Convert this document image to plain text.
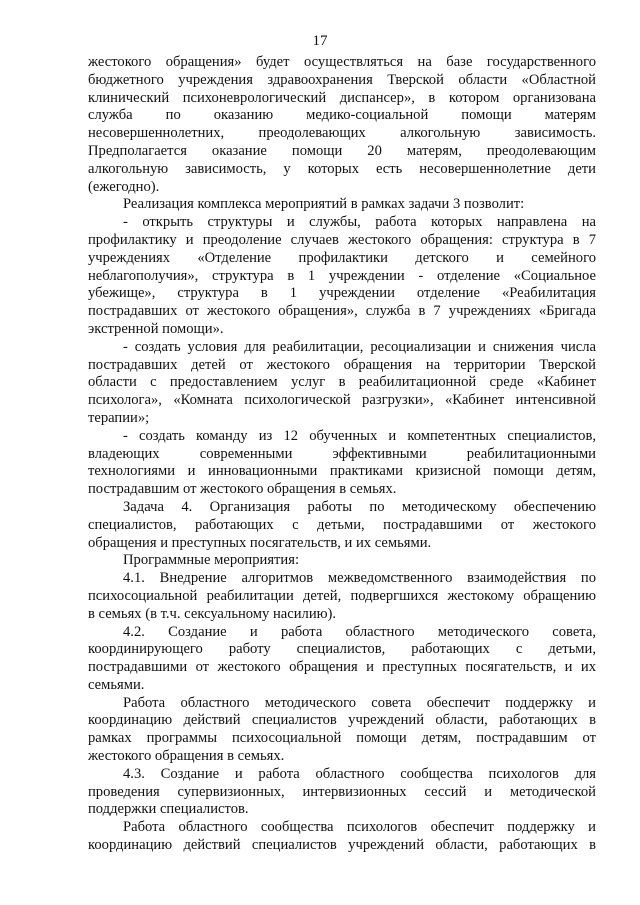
17
жестокого обращения» будет осуществляться на базе государственного
бюджетного учреждения здравоохранения Тверской области «Областной
клинический психоневрологический диспансер», в котором организована
служба по оказанию медико-социальной помощи матерям
несовершеннолетних, преодолевающих алкогольную зависимость.
Предполагается оказание помощи 20 матерям, преодолевающим
алкогольную зависимость, у которых есть несовершеннолетние дети
(ежегодно).
Реализация комплекса мероприятий в рамках задачи 3 позволит:
- открыть структуры и службы, работа которых направлена на
профилактику и преодоление случаев жестокого обращения: структура в 7
учреждениях «Отделение профилактики детского и семейного
неблагополучия», структура в 1 учреждении - отделение «Социальное
убежище», структура в 1 учреждении отделение «Реабилитация
пострадавших от жестокого обращения», служба в 7 учреждениях «Бригада
экстренной помощи».
- создать условия для реабилитации, ресоциализации и снижения числа
пострадавших детей от жестокого обращения на территории Тверской
области с предоставлением услуг в реабилитационной среде «Кабинет
психолога», «Комната психологической разгрузки», «Кабинет интенсивной
терапии»;
- создать команду из 12 обученных и компетентных специалистов,
владеющих современными эффективными реабилитационными
технологиями и инновационными практиками кризисной помощи детям,
пострадавшим от жестокого обращения в семьях.
Задача 4. Организация работы по методическому обеспечению
специалистов, работающих с детьми, пострадавшими от жестокого
обращения и преступных посягательств, и их семьями.
Программные мероприятия:
4.1. Внедрение алгоритмов межведомственного взаимодействия по
психосоциальной реабилитации детей, подвергшихся жестокому обращению
в семьях (в т.ч. сексуальному насилию).
4.2. Создание и работа областного методического совета,
координирующего работу специалистов, работающих с детьми,
пострадавшими от жестокого обращения и преступных посягательств, и их
семьями.
Работа областного методического совета обеспечит поддержку и
координацию действий специалистов учреждений области, работающих в
рамках программы психосоциальной помощи детям, пострадавшим от
жестокого обращения в семьях.
4.3. Создание и работа областного сообщества психологов для
проведения супервизионных, интервизионных сессий и методической
поддержки специалистов.
Работа областного сообщества психологов обеспечит поддержку и
координацию действий специалистов учреждений области, работающих в
